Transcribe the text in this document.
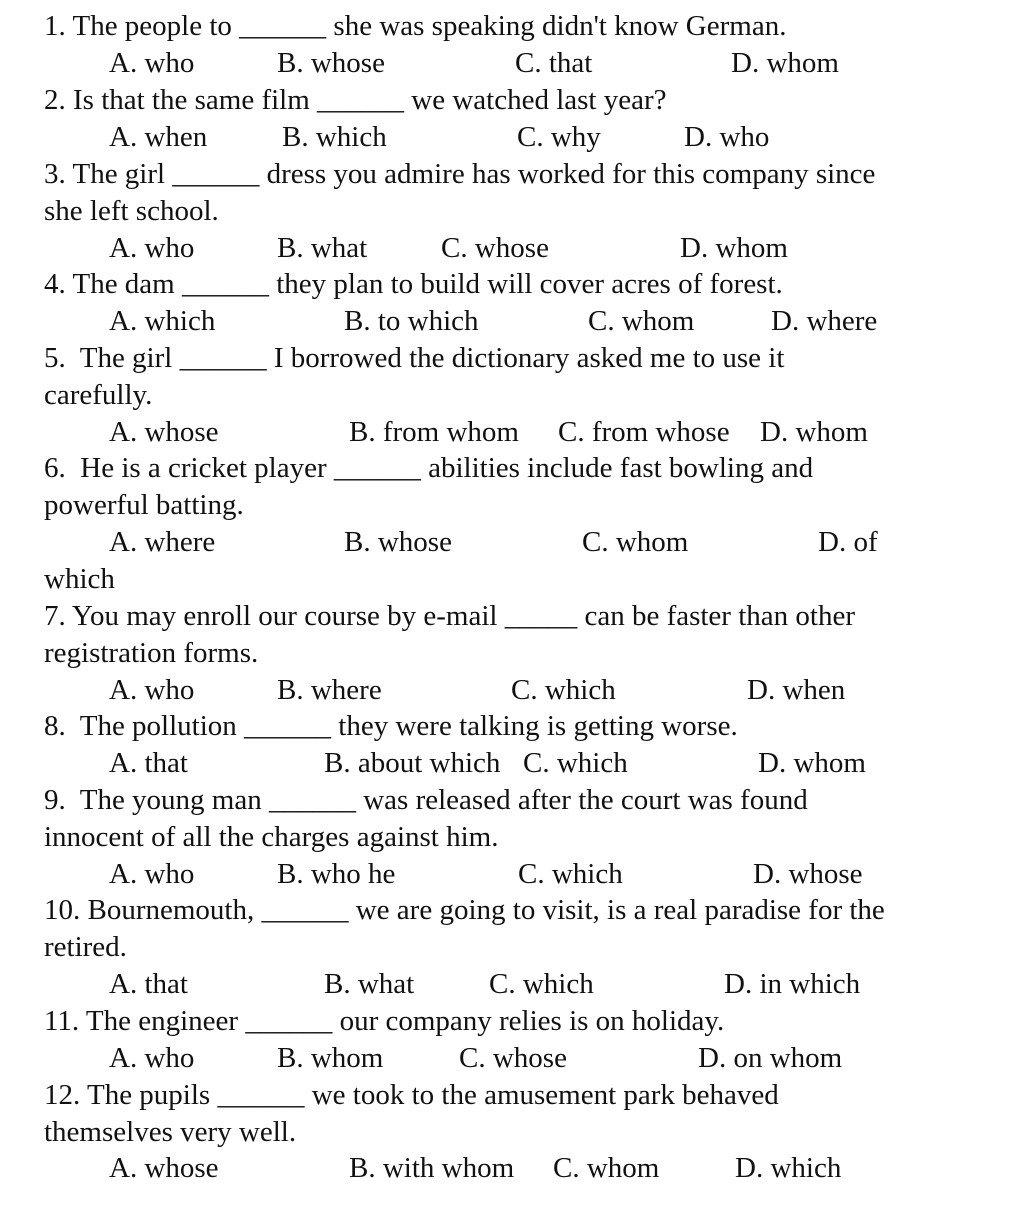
1. The people to ______ she was speaking didn't know German.
A. who	B. whose	C. that	D. whom
2. Is that the same film ______ we watched last year?
A. when	B. which	C. why	D. who
3. The girl ______ dress you admire has worked for this company since
she left school.
A. who	B. what	C. whose	D. whom
4. The dam ______ they plan to build will cover acres of forest.
A. which	B. to which	C. whom	D. where
5.  The girl ______ I borrowed the dictionary asked me to use it
carefully.
A. whose	B. from whom C. from whose D. whom
6.  He is a cricket player ______ abilities include fast bowling and
powerful batting.
A. where	B. whose	C. whom	D. of
which
7. You may enroll our course by e-mail _____ can be faster than other
registration forms.
A. who	B. where	C. which	D. when
8.  The pollution ______ they were talking is getting worse.
A. that	B. about which C. which	D. whom
9.  The young man ______ was released after the court was found
innocent of all the charges against him.
A. who	B. who he	C. which	D. whose
10. Bournemouth, ______ we are going to visit, is a real paradise for the
retired.
A. that	B. what	C. which	D. in which
11. The engineer ______ our company relies is on holiday.
A. who	B. whom	C. whose	D. on whom
12. The pupils ______ we took to the amusement park behaved
themselves very well.
A. whose	B. with whom C. whom	D. which
